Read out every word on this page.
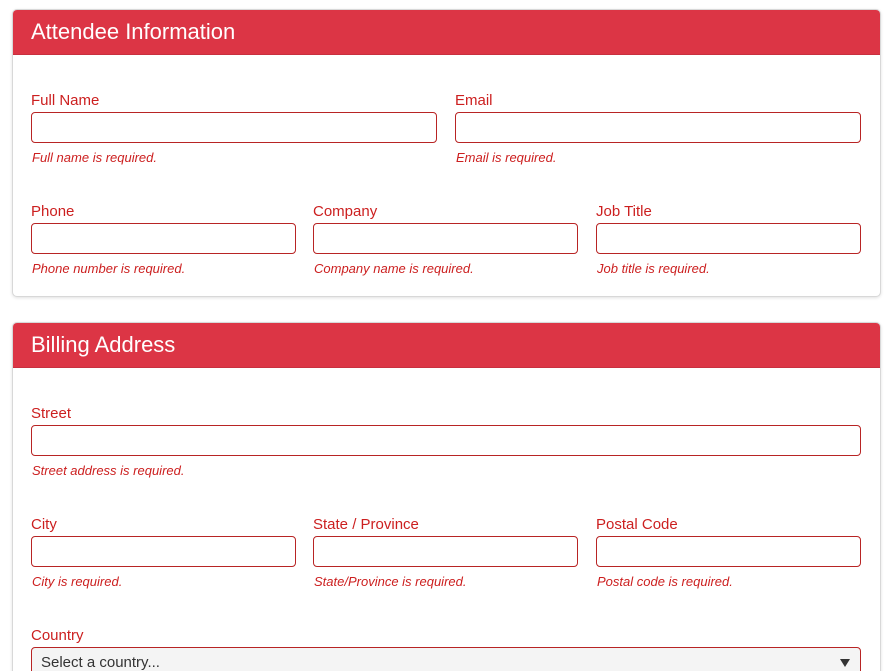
Attendee Information
Full Name
Full name is required.
Email
Email is required.
Phone
Phone number is required.
Company
Company name is required.
Job Title
Job title is required.
Billing Address
Street
Street address is required.
City
City is required.
State / Province
State/Province is required.
Postal Code
Postal code is required.
Country
Select a country...
